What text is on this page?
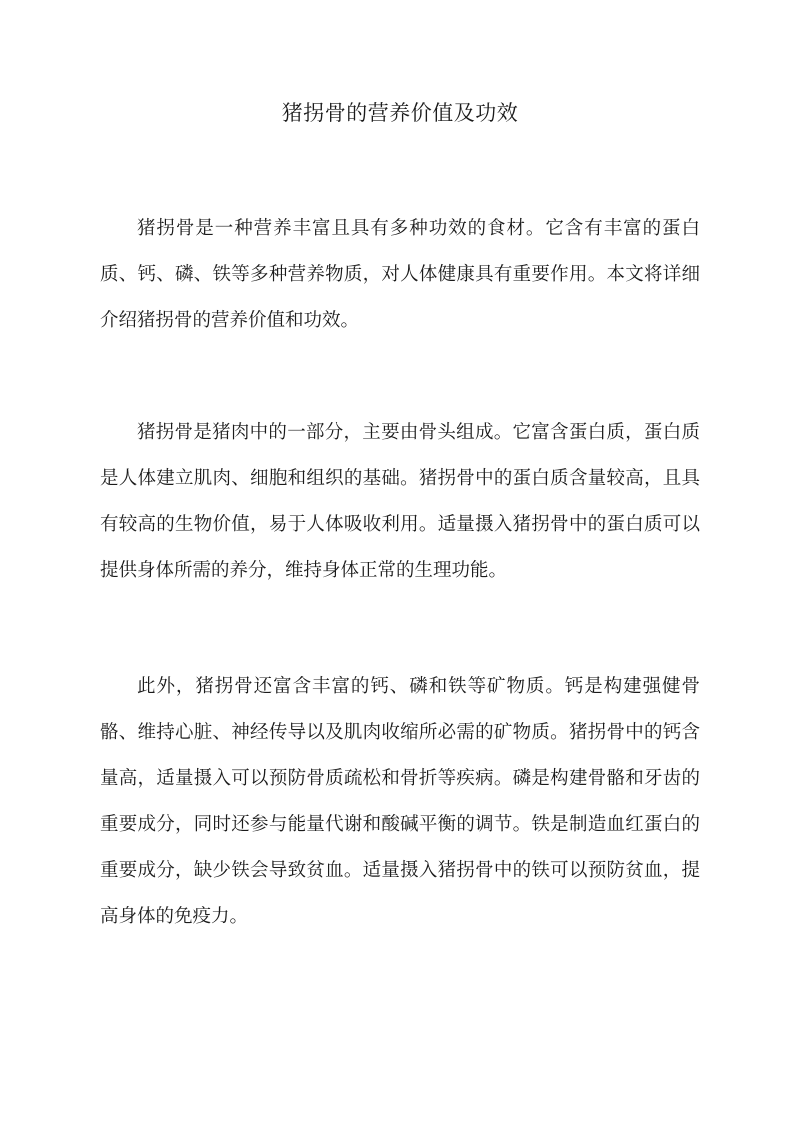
猪拐骨的营养价值及功效

猪拐骨是一种营养丰富且具有多种功效的食材。它含有丰富的蛋白质、钙、磷、铁等多种营养物质，对人体健康具有重要作用。本文将详细介绍猪拐骨的营养价值和功效。

猪拐骨是猪肉中的一部分，主要由骨头组成。它富含蛋白质，蛋白质是人体建立肌肉、细胞和组织的基础。猪拐骨中的蛋白质含量较高，且具有较高的生物价值，易于人体吸收利用。适量摄入猪拐骨中的蛋白质可以提供身体所需的养分，维持身体正常的生理功能。

此外，猪拐骨还富含丰富的钙、磷和铁等矿物质。钙是构建强健骨骼、维持心脏、神经传导以及肌肉收缩所必需的矿物质。猪拐骨中的钙含量高，适量摄入可以预防骨质疏松和骨折等疾病。磷是构建骨骼和牙齿的重要成分，同时还参与能量代谢和酸碱平衡的调节。铁是制造血红蛋白的重要成分，缺少铁会导致贫血。适量摄入猪拐骨中的铁可以预防贫血，提高身体的免疫力。
